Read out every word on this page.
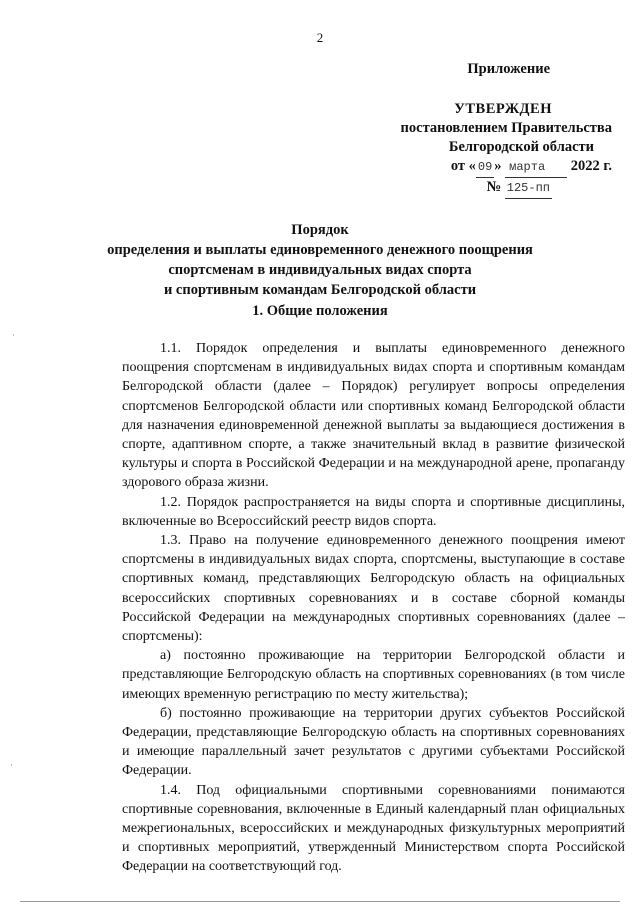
2
Приложение
УТВЕРЖДЕН
постановлением Правительства
Белгородской области
от « 09 » марта 2022 г.
№ 125-пп
Порядок
определения и выплаты единовременного денежного поощрения
спортсменам в индивидуальных видах спорта
и спортивным командам Белгородской области
1. Общие положения

1.1. Порядок определения и выплаты единовременного денежного поощрения спортсменам в индивидуальных видах спорта и спортивным командам Белгородской области (далее – Порядок) регулирует вопросы определения спортсменов Белгородской области или спортивных команд Белгородской области для назначения единовременной денежной выплаты за выдающиеся достижения в спорте, адаптивном спорте, а также значительный вклад в развитие физической культуры и спорта в Российской Федерации и на международной арене, пропаганду здорового образа жизни.

1.2. Порядок распространяется на виды спорта и спортивные дисциплины, включенные во Всероссийский реестр видов спорта.

1.3. Право на получение единовременного денежного поощрения имеют спортсмены в индивидуальных видах спорта, спортсмены, выступающие в составе спортивных команд, представляющих Белгородскую область на официальных всероссийских спортивных соревнованиях и в составе сборной команды Российской Федерации на международных спортивных соревнованиях (далее – спортсмены):

а) постоянно проживающие на территории Белгородской области и представляющие Белгородскую область на спортивных соревнованиях (в том числе имеющих временную регистрацию по месту жительства);

б) постоянно проживающие на территории других субъектов Российской Федерации, представляющие Белгородскую область на спортивных соревнованиях и имеющие параллельный зачет результатов с другими субъектами Российской Федерации.

1.4. Под официальными спортивными соревнованиями понимаются спортивные соревнования, включенные в Единый календарный план официальных межрегиональных, всероссийских и международных физкультурных мероприятий и спортивных мероприятий, утвержденный Министерством спорта Российской Федерации на соответствующий год.

·
·
